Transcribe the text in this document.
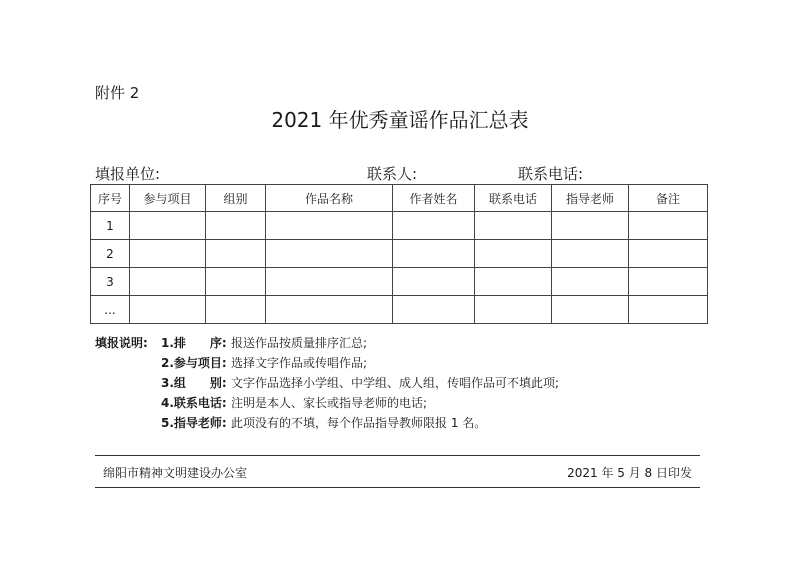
附件 2
2021 年优秀童谣作品汇总表
填报单位:	联系人:	联系电话:
序号	参与项目	组别	作品名称	作者姓名	联系电话	指导老师	备注
1							
2							
3							
...							
填报说明:	1.排　　序: 报送作品按质量排序汇总;
2.参与项目: 选择文字作品或传唱作品;
3.组　　别: 文字作品选择小学组、中学组、成人组，传唱作品可不填此项;
4.联系电话: 注明是本人、家长或指导老师的电话;
5.指导老师: 此项没有的不填，每个作品指导教师限报 1 名。
绵阳市精神文明建设办公室	2021 年 5 月 8 日印发
